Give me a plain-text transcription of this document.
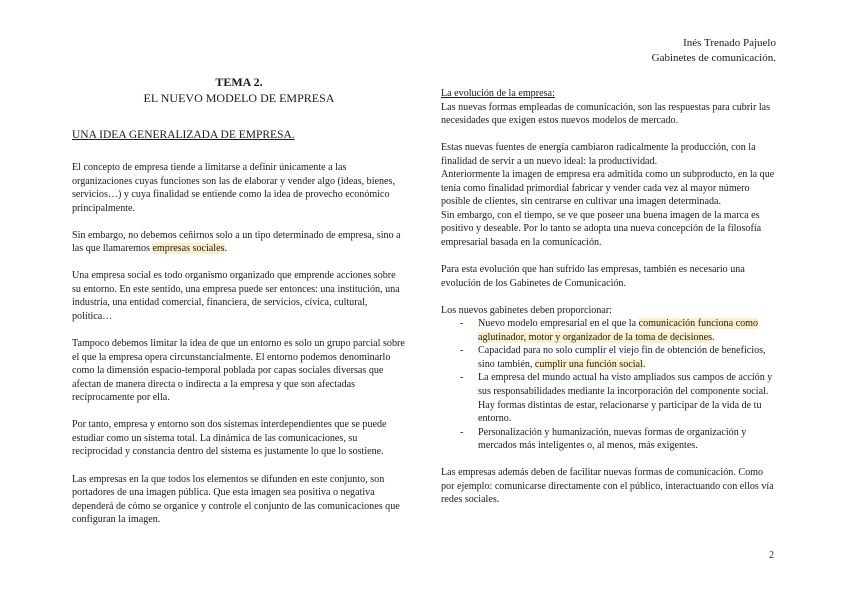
Inés Trenado Pajuelo
Gabinetes de comunicación.
TEMA 2.
EL NUEVO MODELO DE EMPRESA
UNA IDEA GENERALIZADA DE EMPRESA.

El concepto de empresa tiende a limitarse a definir únicamente a las organizaciones cuyas funciones son las de elaborar y vender algo (ideas, bienes, servicios…) y cuya finalidad se entiende como la idea de provecho económico principalmente.

Sin embargo, no debemos ceñirnos solo a un tipo determinado de empresa, sino a las que llamaremos empresas sociales.

Una empresa social es todo organismo organizado que emprende acciones sobre su entorno. En este sentido, una empresa puede ser entonces: una institución, una industria, una entidad comercial, financiera, de servicios, cívica, cultural, política…

Tampoco debemos limitar la idea de que un entorno es solo un grupo parcial sobre el que la empresa opera circunstancialmente. El entorno podemos denominarlo como la dimensión espacio-temporal poblada por capas sociales diversas que afectan de manera directa o indirecta a la empresa y que son afectadas recíprocamente por ella.

Por tanto, empresa y entorno son dos sistemas interdependientes que se puede estudiar como un sistema total. La dinámica de las comunicaciones, su reciprocidad y constancia dentro del sistema es justamente lo que lo sostiene.

Las empresas en la que todos los elementos se difunden en este conjunto, son portadores de una imagen pública. Que esta imagen sea positiva o negativa dependerá de cómo se organice y controle el conjunto de las comunicaciones que configuran la imagen.

La evolución de la empresa:

Las nuevas formas empleadas de comunicación, son las respuestas para cubrir las necesidades que exigen estos nuevos modelos de mercado.

Estas nuevas fuentes de energía cambiaron radicalmente la producción, con la finalidad de servir a un nuevo ideal: la productividad.
Anteriormente la imagen de empresa era admitida como un subproducto, en la que tenía como finalidad primordial fabricar y vender cada vez al mayor número posible de clientes, sin centrarse en cultivar una imagen determinada.

Sin embargo, con el tiempo, se ve que poseer una buena imagen de la marca es positivo y deseable. Por lo tanto se adopta una nueva concepción de la filosofía empresarial basada en la comunicación.

Para esta evolución que han sufrido las empresas, también es necesario una evolución de los Gabinetes de Comunicación.

Los nuevos gabinetes deben proporcionar:
- Nuevo modelo empresarial en el que la comunicación funciona como aglutinador, motor y organizador de la toma de decisiones.
- Capacidad para no solo cumplir el viejo fin de obtención de beneficios, sino también, cumplir una función social.
- La empresa del mundo actual ha visto ampliados sus campos de acción y sus responsabilidades mediante la incorporación del componente social. Hay formas distintas de estar, relacionarse y participar de la vida de tu entorno.
- Personalización y humanización, nuevas formas de organización y mercados más inteligentes o, al menos, más exigentes.

Las empresas además deben de facilitar nuevas formas de comunicación. Como por ejemplo: comunicarse directamente con el público, interactuando con ellos vía redes sociales.

2
